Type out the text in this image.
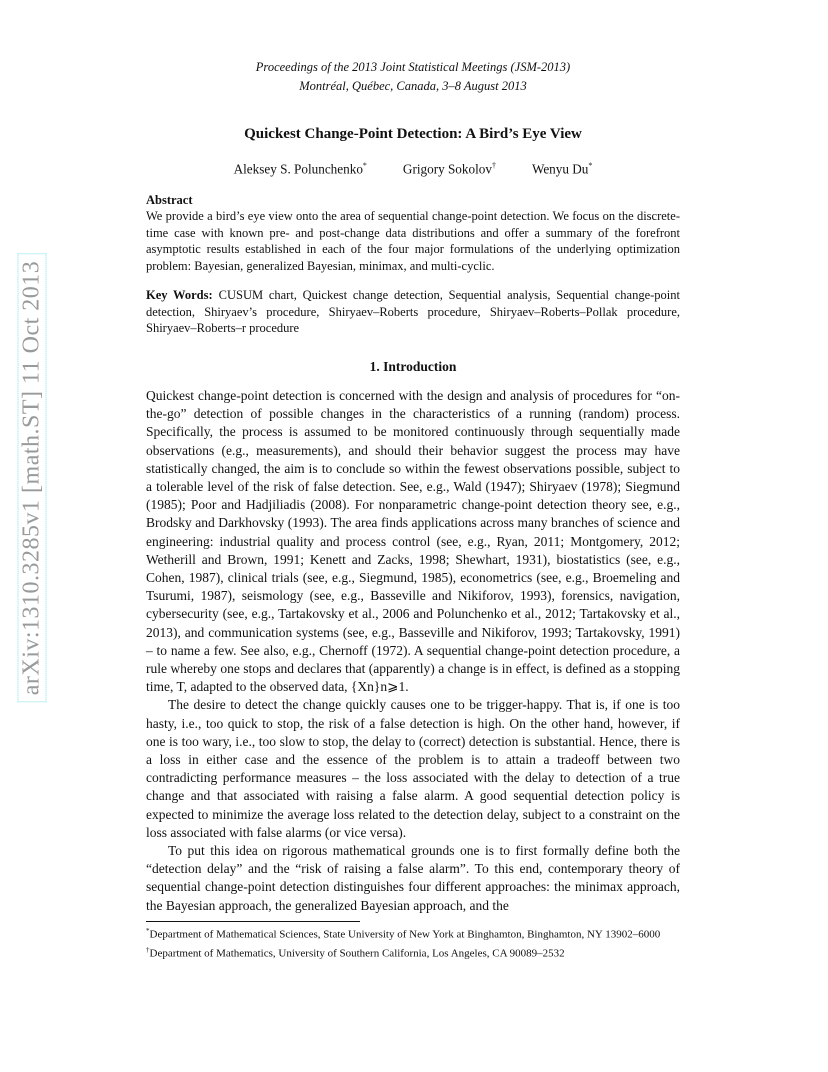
arXiv:1310.3285v1 [math.ST] 11 Oct 2013
Proceedings of the 2013 Joint Statistical Meetings (JSM-2013)
Montréal, Québec, Canada, 3–8 August 2013
Quickest Change-Point Detection: A Bird’s Eye View
Aleksey S. Polunchenko*	Grigory Sokolov†	Wenyu Du*
Abstract
We provide a bird’s eye view onto the area of sequential change-point detection. We focus on the discrete-time case with known pre- and post-change data distributions and offer a summary of the forefront asymptotic results established in each of the four major formulations of the underlying optimization problem: Bayesian, generalized Bayesian, minimax, and multi-cyclic.
Key Words: CUSUM chart, Quickest change detection, Sequential analysis, Sequential change-point detection, Shiryaev’s procedure, Shiryaev–Roberts procedure, Shiryaev–Roberts–Pollak procedure, Shiryaev–Roberts–r procedure
1. Introduction

Quickest change-point detection is concerned with the design and analysis of procedures for “on-the-go” detection of possible changes in the characteristics of a running (random) process. Specifically, the process is assumed to be monitored continuously through sequentially made observations (e.g., measurements), and should their behavior suggest the process may have statistically changed, the aim is to conclude so within the fewest observations possible, subject to a tolerable level of the risk of false detection. See, e.g., Wald (1947); Shiryaev (1978); Siegmund (1985); Poor and Hadjiliadis (2008). For nonparametric change-point detection theory see, e.g., Brodsky and Darkhovsky (1993). The area finds applications across many branches of science and engineering: industrial quality and process control (see, e.g., Ryan, 2011; Montgomery, 2012; Wetherill and Brown, 1991; Kenett and Zacks, 1998; Shewhart, 1931), biostatistics (see, e.g., Cohen, 1987), clinical trials (see, e.g., Siegmund, 1985), econometrics (see, e.g., Broemeling and Tsurumi, 1987), seismology (see, e.g., Basseville and Nikiforov, 1993), forensics, navigation, cybersecurity (see, e.g., Tartakovsky et al., 2006 and Polunchenko et al., 2012; Tartakovsky et al., 2013), and communication systems (see, e.g., Basseville and Nikiforov, 1993; Tartakovsky, 1991) – to name a few. See also, e.g., Chernoff (1972). A sequential change-point detection procedure, a rule whereby one stops and declares that (apparently) a change is in effect, is defined as a stopping time, T, adapted to the observed data, {Xn}n⩾1.

The desire to detect the change quickly causes one to be trigger-happy. That is, if one is too hasty, i.e., too quick to stop, the risk of a false detection is high. On the other hand, however, if one is too wary, i.e., too slow to stop, the delay to (correct) detection is substantial. Hence, there is a loss in either case and the essence of the problem is to attain a tradeoff between two contradicting performance measures – the loss associated with the delay to detection of a true change and that associated with raising a false alarm. A good sequential detection policy is expected to minimize the average loss related to the detection delay, subject to a constraint on the loss associated with false alarms (or vice versa).

To put this idea on rigorous mathematical grounds one is to first formally define both the “detection delay” and the “risk of raising a false alarm”. To this end, contemporary theory of sequential change-point detection distinguishes four different approaches: the minimax approach, the Bayesian approach, the generalized Bayesian approach, and the

*Department of Mathematical Sciences, State University of New York at Binghamton, Binghamton, NY 13902–6000
†Department of Mathematics, University of Southern California, Los Angeles, CA 90089–2532
